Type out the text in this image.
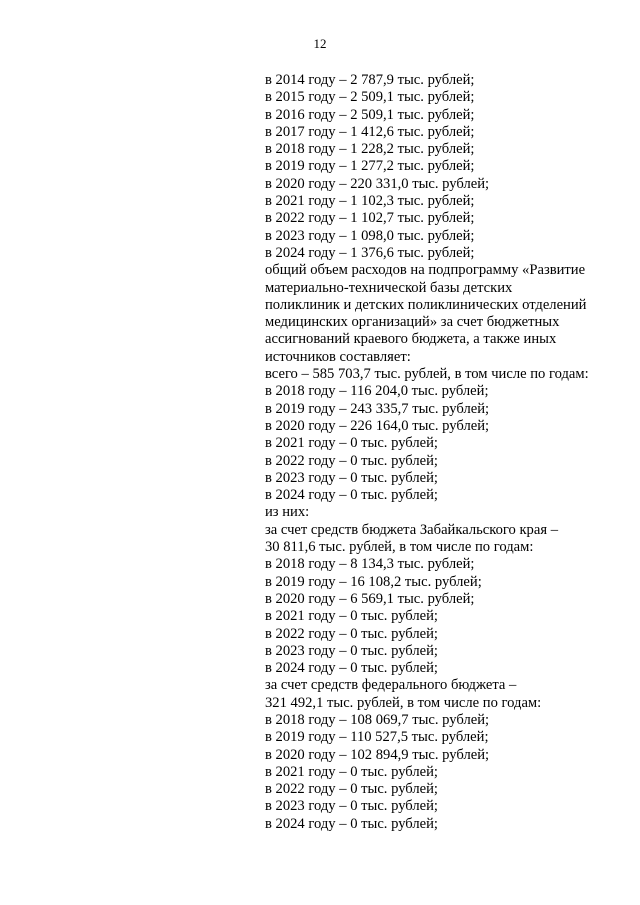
12
в 2014 году – 2 787,9 тыс. рублей;
в 2015 году – 2 509,1 тыс. рублей;
в 2016 году – 2 509,1 тыс. рублей;
в 2017 году – 1 412,6 тыс. рублей;
в 2018 году – 1 228,2 тыс. рублей;
в 2019 году – 1 277,2 тыс. рублей;
в 2020 году – 220 331,0 тыс. рублей;
в 2021 году – 1 102,3 тыс. рублей;
в 2022 году – 1 102,7 тыс. рублей;
в 2023 году – 1 098,0 тыс. рублей;
в 2024 году – 1 376,6 тыс. рублей;
общий объем расходов на подпрограмму «Развитие
материально-технической базы детских
поликлиник и детских поликлинических отделений
медицинских организаций» за счет бюджетных
ассигнований краевого бюджета, а также иных
источников составляет:
всего – 585 703,7 тыс. рублей, в том числе по годам:
в 2018 году – 116 204,0 тыс. рублей;
в 2019 году – 243 335,7 тыс. рублей;
в 2020 году – 226 164,0 тыс. рублей;
в 2021 году – 0 тыс. рублей;
в 2022 году – 0 тыс. рублей;
в 2023 году – 0 тыс. рублей;
в 2024 году – 0 тыс. рублей;
из них:
за счет средств бюджета Забайкальского края –
30 811,6 тыс. рублей, в том числе по годам:
в 2018 году – 8 134,3 тыс. рублей;
в 2019 году – 16 108,2 тыс. рублей;
в 2020 году – 6 569,1 тыс. рублей;
в 2021 году – 0 тыс. рублей;
в 2022 году – 0 тыс. рублей;
в 2023 году – 0 тыс. рублей;
в 2024 году – 0 тыс. рублей;
за счет средств федерального бюджета –
321 492,1 тыс. рублей, в том числе по годам:
в 2018 году – 108 069,7 тыс. рублей;
в 2019 году – 110 527,5 тыс. рублей;
в 2020 году – 102 894,9 тыс. рублей;
в 2021 году – 0 тыс. рублей;
в 2022 году – 0 тыс. рублей;
в 2023 году – 0 тыс. рублей;
в 2024 году – 0 тыс. рублей;
